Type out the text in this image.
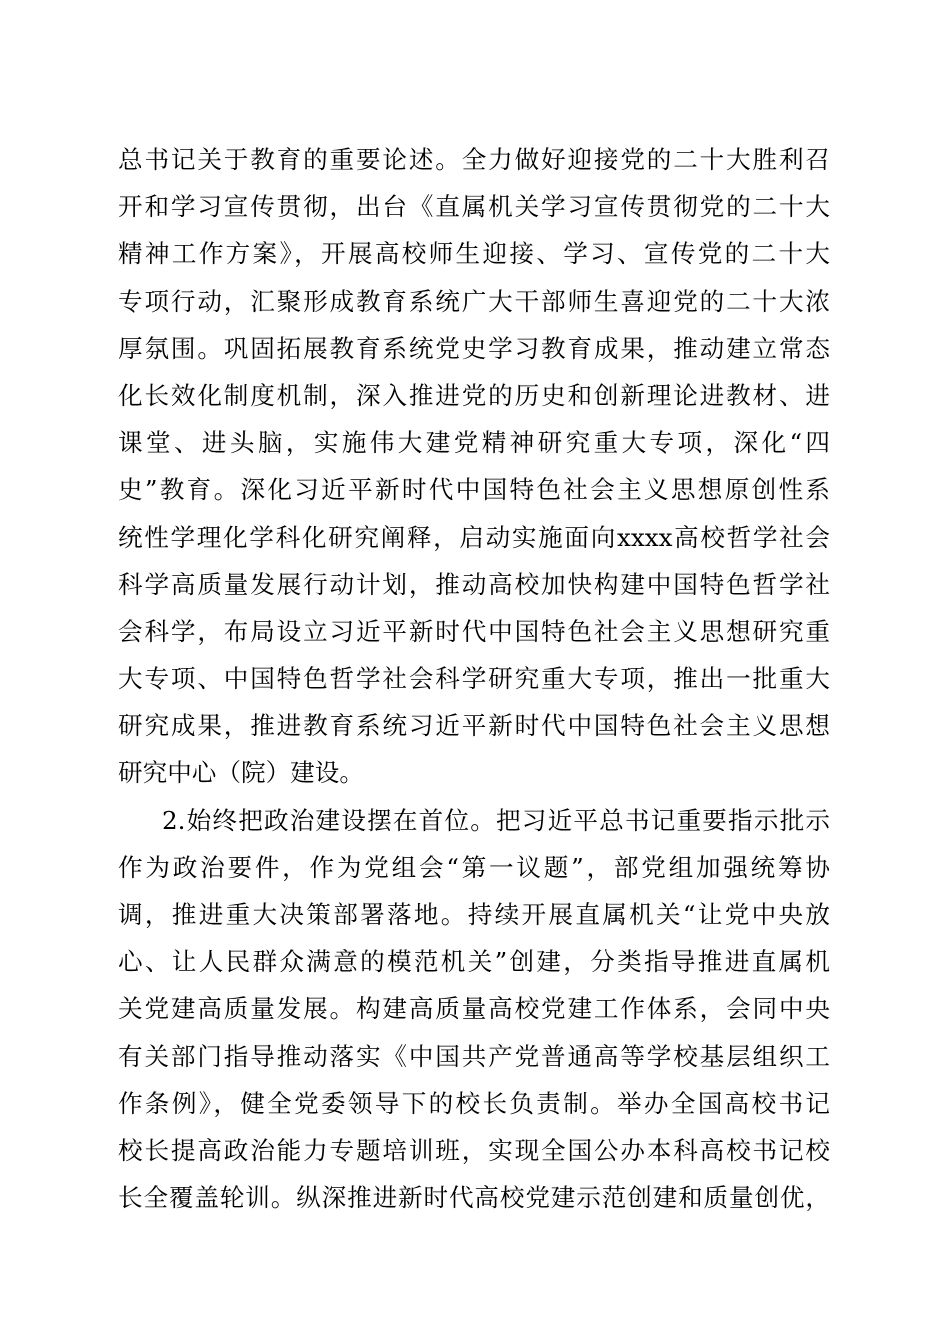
总书记关于教育的重要论述。全力做好迎接党的二十大胜利召
开和学习宣传贯彻，出台《直属机关学习宣传贯彻党的二十大
精神工作方案》，开展高校师生迎接、学习、宣传党的二十大
专项行动，汇聚形成教育系统广大干部师生喜迎党的二十大浓
厚氛围。巩固拓展教育系统党史学习教育成果，推动建立常态
化长效化制度机制，深入推进党的历史和创新理论进教材、进
课堂、进头脑，实施伟大建党精神研究重大专项，深化“四
史”教育。深化习近平新时代中国特色社会主义思想原创性系
统性学理化学科化研究阐释，启动实施面向xxxx高校哲学社会
科学高质量发展行动计划，推动高校加快构建中国特色哲学社
会科学，布局设立习近平新时代中国特色社会主义思想研究重
大专项、中国特色哲学社会科学研究重大专项，推出一批重大
研究成果，推进教育系统习近平新时代中国特色社会主义思想
研究中心（院）建设。
2.始终把政治建设摆在首位。把习近平总书记重要指示批示
作为政治要件，作为党组会“第一议题”，部党组加强统筹协
调，推进重大决策部署落地。持续开展直属机关“让党中央放
心、让人民群众满意的模范机关”创建，分类指导推进直属机
关党建高质量发展。构建高质量高校党建工作体系，会同中央
有关部门指导推动落实《中国共产党普通高等学校基层组织工
作条例》，健全党委领导下的校长负责制。举办全国高校书记
校长提高政治能力专题培训班，实现全国公办本科高校书记校
长全覆盖轮训。纵深推进新时代高校党建示范创建和质量创优，
